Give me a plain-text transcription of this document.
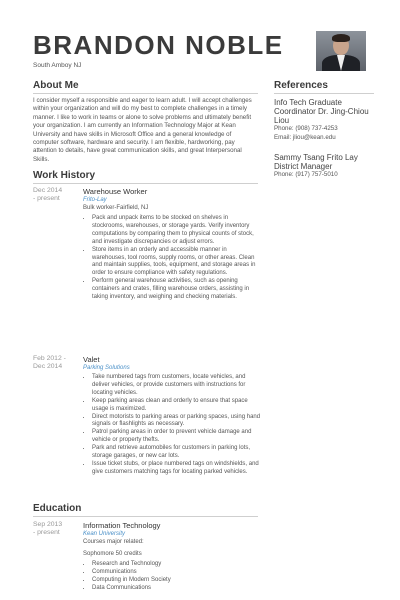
BRANDON NOBLE
South Amboy NJ
About Me

I consider myself a responsible and eager to learn adult. I will accept challenges within your organization and will do my best to complete challenges in a timely manner. I like to work in teams or alone to solve problems and ultimately benefit your organization. I am currently an Information Technology Major at Kean University and have skills in Microsoft Office and a general knowledge of computer software, hardware and security. I am flexible, hardworking, pay attention to details, have great communication skills, and great Interpersonal Skills.

Work History
Dec 2014
- present
Warehouse Worker
Frito-Lay
Bulk worker-Fairfield, NJ
• Pack and unpack items to be stocked on shelves in stockrooms, warehouses, or storage yards. Verify inventory computations by comparing them to physical counts of stock, and investigate discrepancies or adjust errors.
• Store items in an orderly and accessible manner in warehouses, tool rooms, supply rooms, or other areas. Clean and maintain supplies, tools, equipment, and storage areas in order to ensure compliance with safety regulations.
• Perform general warehouse activities, such as opening containers and crates, filling warehouse orders, assisting in taking inventory, and weighing and checking materials.
Feb 2012 -
Dec 2014
Valet
Parking Solutions
• Take numbered tags from customers, locate vehicles, and deliver vehicles, or provide customers with instructions for locating vehicles.
• Keep parking areas clean and orderly to ensure that space usage is maximized.
• Direct motorists to parking areas or parking spaces, using hand signals or flashlights as necessary.
• Patrol parking areas in order to prevent vehicle damage and vehicle or property thefts.
• Park and retrieve automobiles for customers in parking lots, storage garages, or new car lots.
• Issue ticket stubs, or place numbered tags on windshields, and give customers matching tags for locating parked vehicles.
Education
Sep 2013
- present
Information Technology
Kean University
Courses major related:
Sophomore 50 credits
• Research and Technology
• Communications
• Computing in Modern Society
• Data Communications
References
Info Tech Graduate Coordinator Dr. Jing-Chiou Liou
Phone: (908) 737-4253
Email: jliou@kean.edu
Sammy Tsang Frito Lay District Manager
Phone: (917) 757-5010
